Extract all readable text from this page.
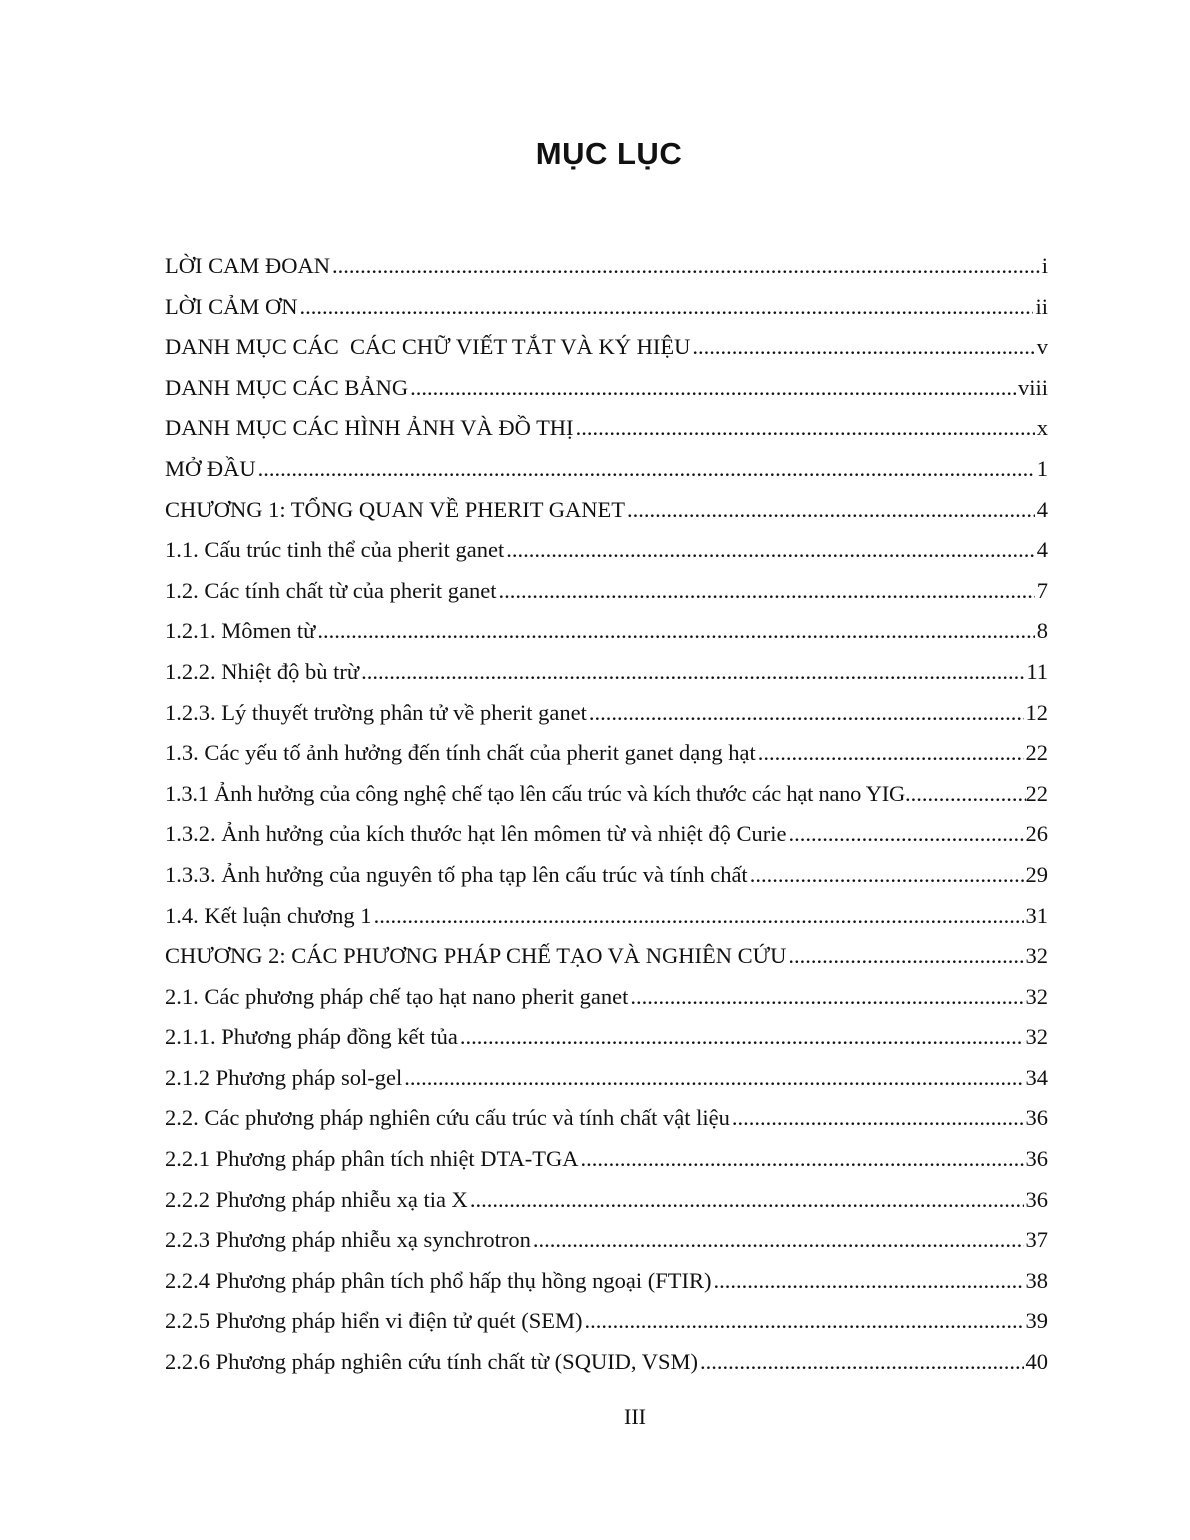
MỤC LỤC
LỜI CAM ĐOAN .....	i
LỜI CẢM ƠN .....	ii
DANH MỤC CÁC  CÁC CHỮ VIẾT TẮT VÀ KÝ HIỆU .....	v
DANH MỤC CÁC BẢNG .....	viii
DANH MỤC CÁC HÌNH ẢNH VÀ ĐỒ THỊ .....	x
MỞ ĐẦU .....	1
CHƯƠNG 1: TỔNG QUAN VỀ PHERIT GANET .....	4
1.1. Cấu trúc tinh thể của pherit ganet .....	4
1.2. Các tính chất từ của pherit ganet .....	7
1.2.1. Mômen từ .....	8
1.2.2. Nhiệt độ bù trừ .....	11
1.2.3. Lý thuyết trường phân tử về pherit ganet .....	12
1.3. Các yếu tố ảnh hưởng đến tính chất của pherit ganet dạng hạt .....	22
1.3.1 Ảnh hưởng của công nghệ chế tạo lên cấu trúc và kích thước các hạt nano YIG .....	22
1.3.2. Ảnh hưởng của kích thước hạt lên mômen từ và nhiệt độ Curie .....	26
1.3.3. Ảnh hưởng của nguyên tố pha tạp lên cấu trúc và tính chất .....	29
1.4. Kết luận chương 1 .....	31
CHƯƠNG 2: CÁC PHƯƠNG PHÁP CHẾ TẠO VÀ NGHIÊN CỨU .....	32
2.1. Các phương pháp chế tạo hạt nano pherit ganet .....	32
2.1.1. Phương pháp đồng kết tủa .....	32
2.1.2 Phương pháp sol-gel .....	34
2.2. Các phương pháp nghiên cứu cấu trúc và tính chất vật liệu .....	36
2.2.1 Phương pháp phân tích nhiệt DTA-TGA .....	36
2.2.2 Phương pháp nhiễu xạ tia X .....	36
2.2.3 Phương pháp nhiễu xạ synchrotron .....	37
2.2.4 Phương pháp phân tích phổ hấp thụ hồng ngoại (FTIR) .....	38
2.2.5 Phương pháp hiển vi điện tử quét (SEM) .....	39
2.2.6 Phương pháp nghiên cứu tính chất từ (SQUID, VSM) .....	40
III
